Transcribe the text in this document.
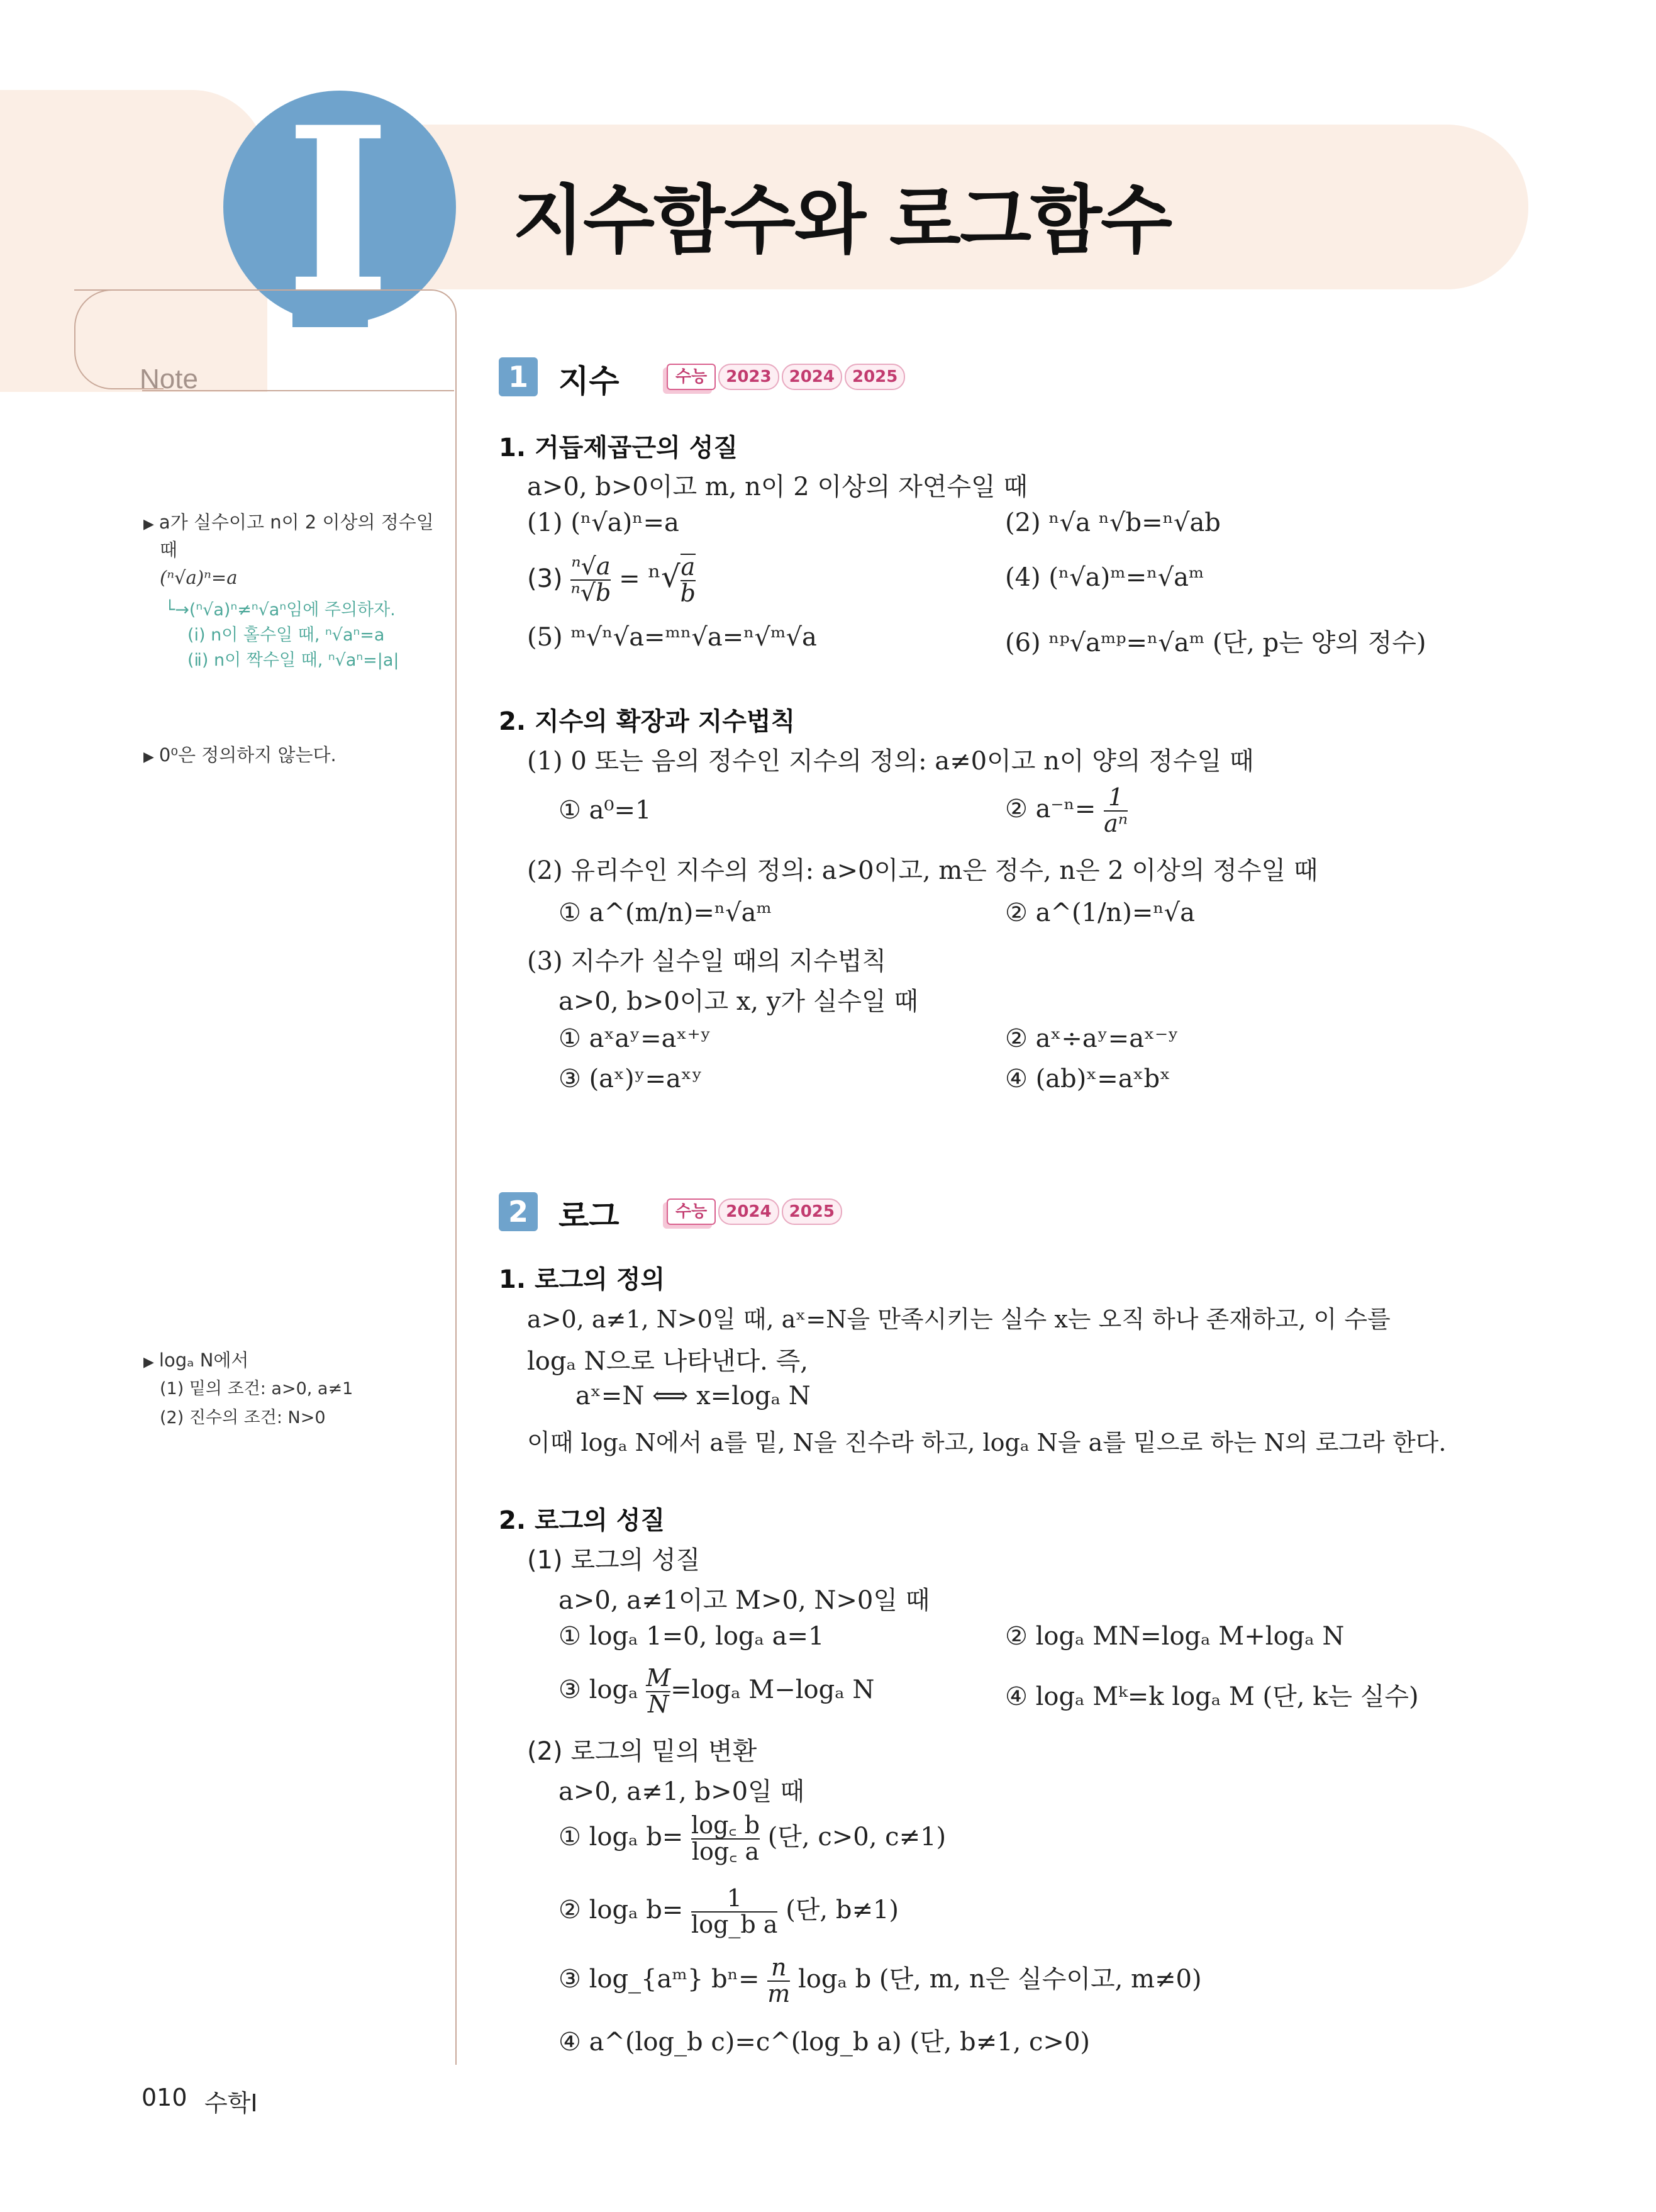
I 지수함수와 로그함수
Note
▶ a가 실수이고 n이 2 이상의 정수일
때
(ⁿ√a)ⁿ=a
└→(ⁿ√a)ⁿ≠ⁿ√aⁿ임에 주의하자.
(ⅰ) n이 홀수일 때, ⁿ√aⁿ=a
(ⅱ) n이 짝수일 때, ⁿ√aⁿ=|a|
▶ 0⁰은 정의하지 않는다.
▶ logₐ N에서
(1) 밑의 조건: a>0, a≠1
(2) 진수의 조건: N>0
1 지수	수능	2023	2024	2025
1. 거듭제곱근의 성질
a>0, b>0이고 m, n이 2 이상의 자연수일 때
(1) (ⁿ√a)ⁿ=a	(2) ⁿ√a ⁿ√b=ⁿ√ab
$(3) \frac{\text{ⁿ√a}}{\text{ⁿ√b}} = ^n√ \frac{a}{b}$	(4) (ⁿ√a)ᵐ=ⁿ√aᵐ
(5) ᵐ√ⁿ√a=ᵐⁿ√a=ⁿ√ᵐ√a	(6) ⁿᵖ√aᵐᵖ=ⁿ√aᵐ (단, p는 양의 정수)
2. 지수의 확장과 지수법칙
(1) 0 또는 음의 정수인 지수의 정의: a≠0이고 n이 양의 정수일 때
① a⁰=1	② $a^{-n}= \frac{1}{\text{aⁿ}}$
(2) 유리수인 지수의 정의: a>0이고, m은 정수, n은 2 이상의 정수일 때
① a^(m/n)=ⁿ√aᵐ	② a^(1/n)=ⁿ√a
(3) 지수가 실수일 때의 지수법칙
a>0, b>0이고 x, y가 실수일 때
① aˣaʸ=aˣ⁺ʸ	② aˣ÷aʸ=aˣ⁻ʸ
③ (aˣ)ʸ=aˣʸ	④ (ab)ˣ=aˣbˣ
2 로그	수능	2024	2025
1. 로그의 정의
a>0, a≠1, N>0일 때, aˣ=N을 만족시키는 실수 x는 오직 하나 존재하고, 이 수를
logₐ N으로 나타낸다. 즉,
aˣ=N ⟺ x=logₐ N
이때 logₐ N에서 a를 밑, N을 진수라 하고, logₐ N을 a를 밑으로 하는 N의 로그라 한다.
2. 로그의 성질
(1) 로그의 성질
a>0, a≠1이고 M>0, N>0일 때
① logₐ 1=0, logₐ a=1	② logₐ MN=logₐ M+logₐ N
③ logₐ $\frac{M}{N} =\log_a$ M−logₐ N	④ logₐ Mᵏ=k logₐ M (단, k는 실수)
(2) 로그의 밑의 변환
a>0, a≠1, b>0일 때
① logₐ $b= \frac{\log꜀ b}{\log꜀ a}$ (단, c>0, c≠1)
② logₐ $b= \frac{1}{\text{log\_b a}}$ (단, b≠1)
③ log_{aᵐ} $b^n= \frac{n}{m}$ logₐ b (단, m, n은 실수이고, m≠0)
④ a^(log_b c)=c^(log_b a) (단, b≠1, c>0)
010 수학Ⅰ
